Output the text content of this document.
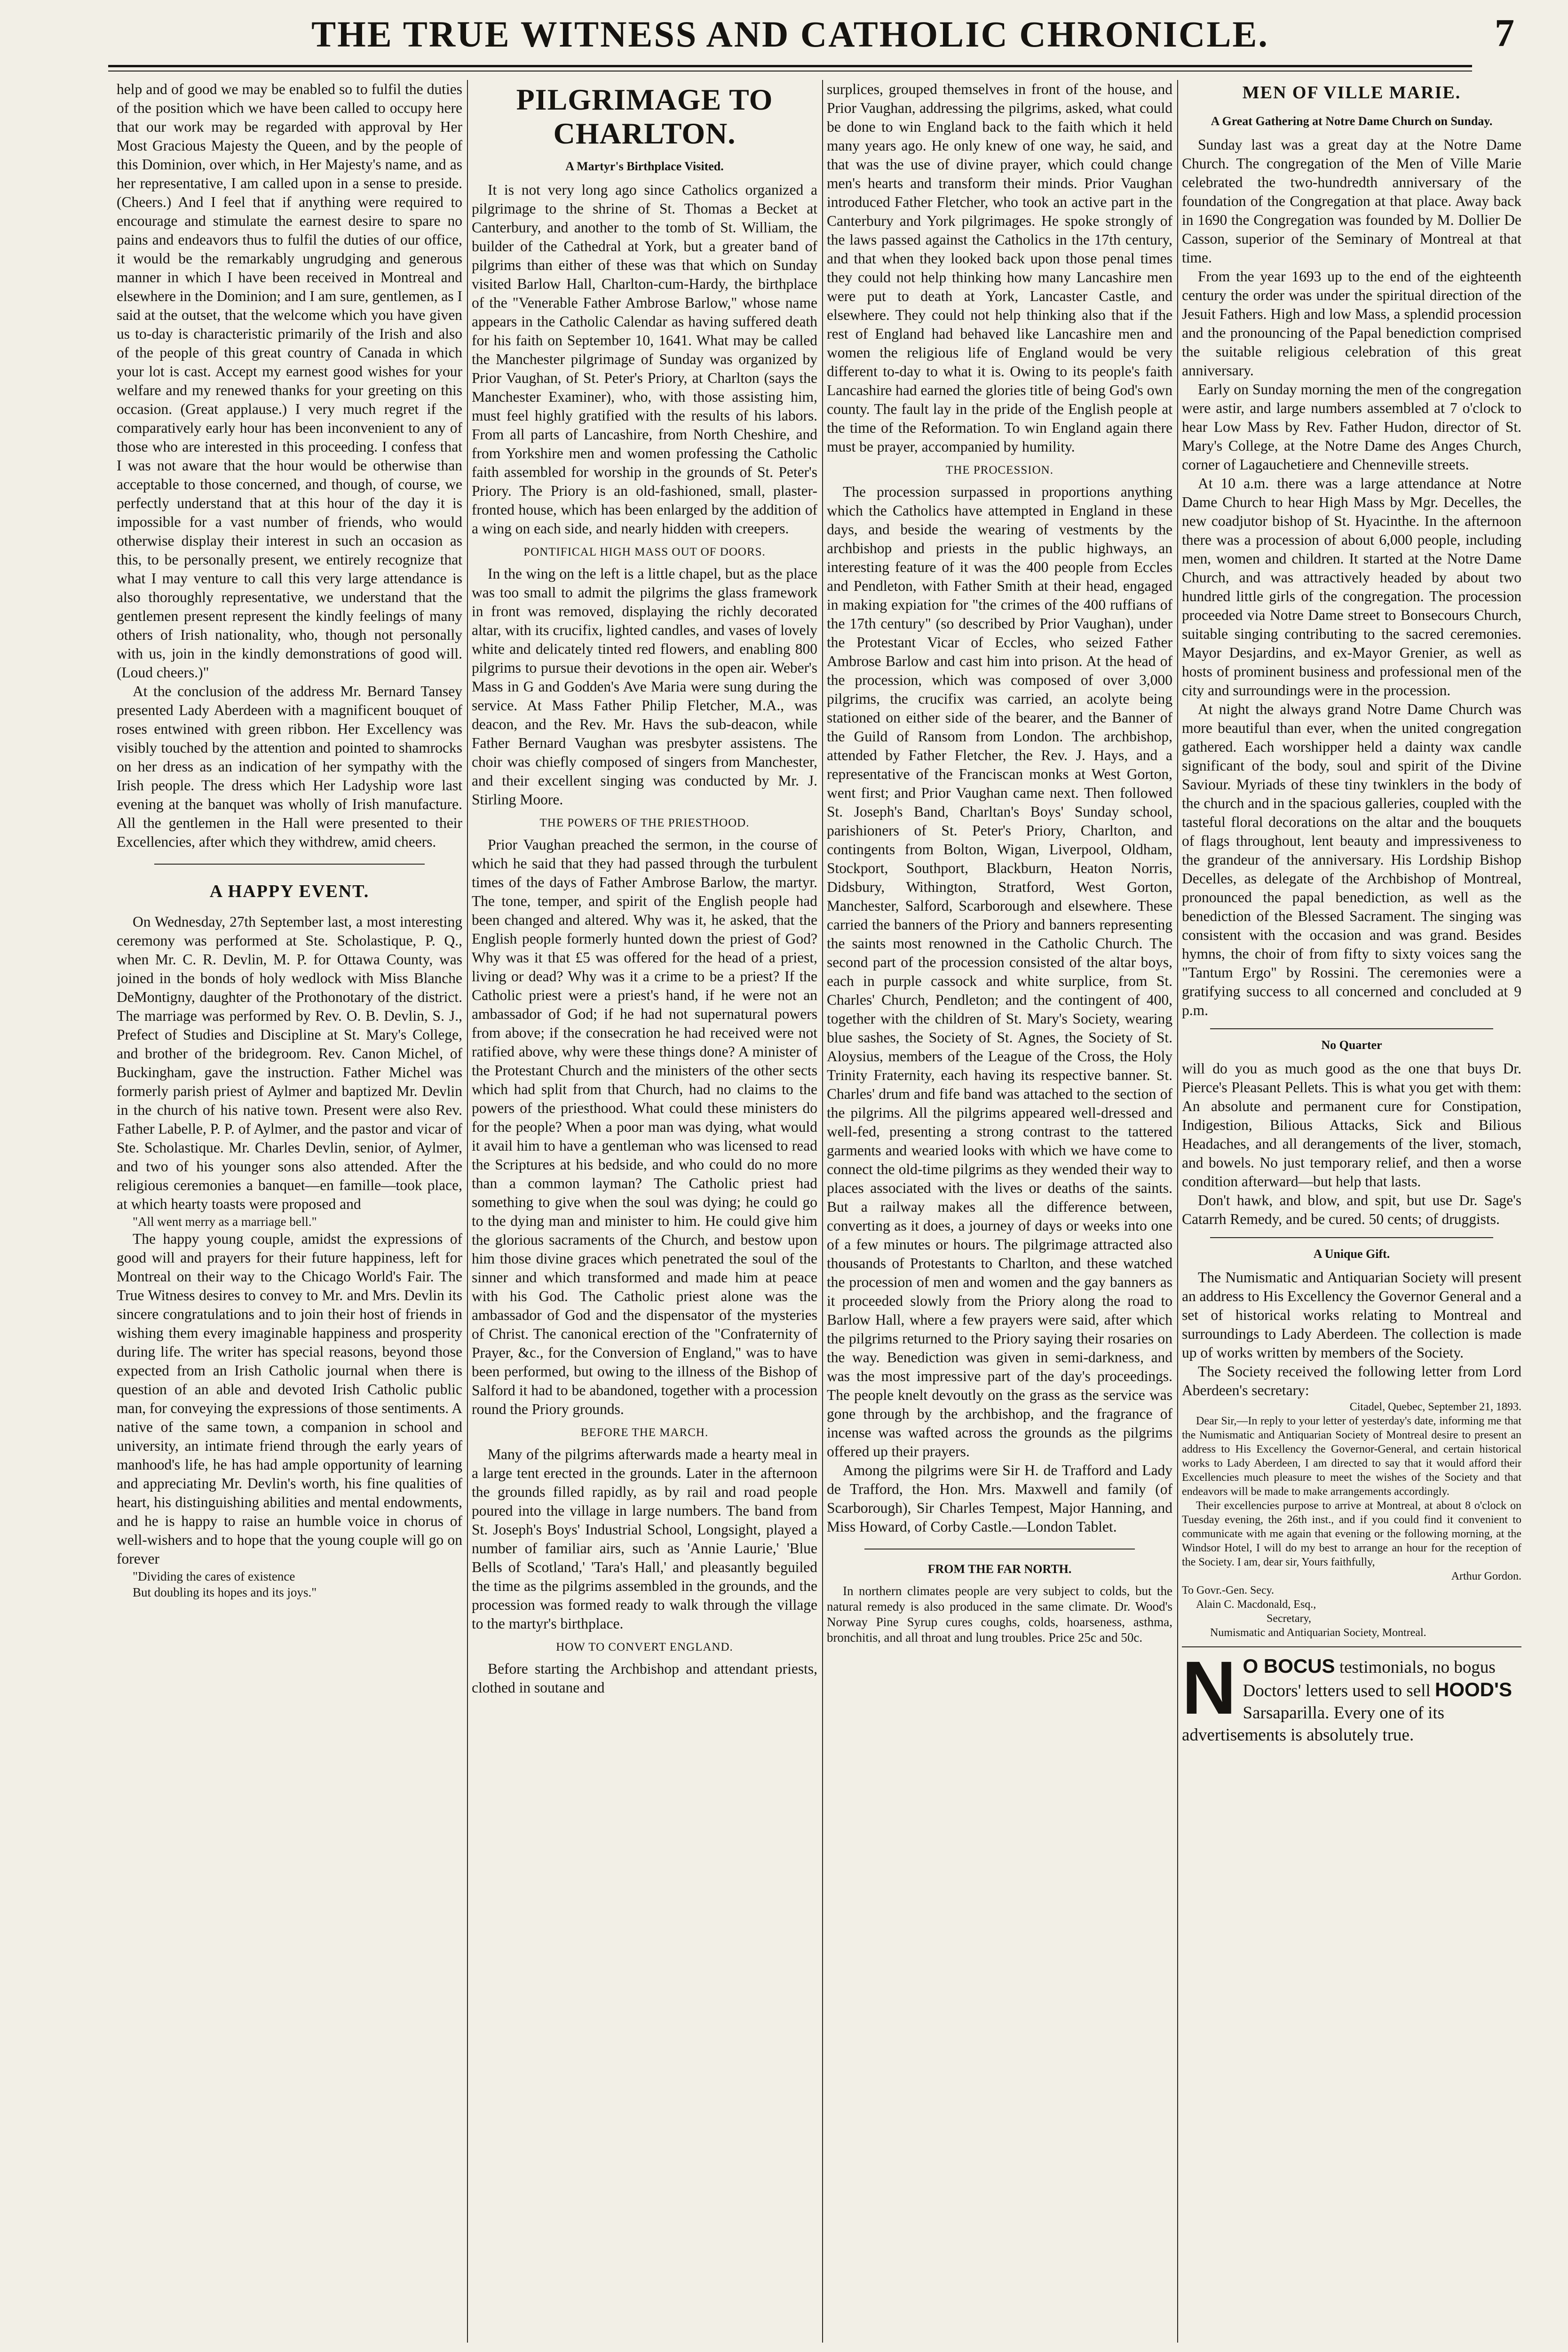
THE TRUE WITNESS AND CATHOLIC CHRONICLE.	7

help and of good we may be enabled so to fulfil the duties of the position which we have been called to occupy here that our work may be regarded with approval by Her Most Gracious Majesty the Queen, and by the people of this Dominion, over which, in Her Majesty's name, and as her representative, I am called upon in a sense to preside. (Cheers.) And I feel that if anything were required to encourage and stimulate the earnest desire to spare no pains and endeavors thus to fulfil the duties of our office, it would be the remarkably ungrudging and generous manner in which I have been received in Montreal and elsewhere in the Dominion; and I am sure, gentlemen, as I said at the outset, that the welcome which you have given us to-day is characteristic primarily of the Irish and also of the people of this great country of Canada in which your lot is cast. Accept my earnest good wishes for your welfare and my renewed thanks for your greeting on this occasion. (Great applause.) I very much regret if the comparatively early hour has been inconvenient to any of those who are interested in this proceeding. I confess that I was not aware that the hour would be otherwise than acceptable to those concerned, and though, of course, we perfectly understand that at this hour of the day it is impossible for a vast number of friends, who would otherwise display their interest in such an occasion as this, to be personally present, we entirely recognize that what I may venture to call this very large attendance is also thoroughly representative, we understand that the gentlemen present represent the kindly feelings of many others of Irish nationality, who, though not personally with us, join in the kindly demonstrations of good will. (Loud cheers.)"

At the conclusion of the address Mr. Bernard Tansey presented Lady Aberdeen with a magnificent bouquet of roses entwined with green ribbon. Her Excellency was visibly touched by the attention and pointed to shamrocks on her dress as an indication of her sympathy with the Irish people. The dress which Her Ladyship wore last evening at the banquet was wholly of Irish manufacture. All the gentlemen in the Hall were presented to their Excellencies, after which they withdrew, amid cheers.

A HAPPY EVENT.

On Wednesday, 27th September last, a most interesting ceremony was performed at Ste. Scholastique, P. Q., when Mr. C. R. Devlin, M. P. for Ottawa County, was joined in the bonds of holy wedlock with Miss Blanche DeMontigny, daughter of the Prothonotary of the district. The marriage was performed by Rev. O. B. Devlin, S. J., Prefect of Studies and Discipline at St. Mary's College, and brother of the bridegroom. Rev. Canon Michel, of Buckingham, gave the instruction. Father Michel was formerly parish priest of Aylmer and baptized Mr. Devlin in the church of his native town. Present were also Rev. Father Labelle, P. P. of Aylmer, and the pastor and vicar of Ste. Scholastique. Mr. Charles Devlin, senior, of Aylmer, and two of his younger sons also attended. After the religious ceremonies a banquet—en famille—took place, at which hearty toasts were proposed and

"All went merry as a marriage bell."

The happy young couple, amidst the expressions of good will and prayers for their future happiness, left for Montreal on their way to the Chicago World's Fair. The True Witness desires to convey to Mr. and Mrs. Devlin its sincere congratulations and to join their host of friends in wishing them every imaginable happiness and prosperity during life. The writer has special reasons, beyond those expected from an Irish Catholic journal when there is question of an able and devoted Irish Catholic public man, for conveying the expressions of those sentiments. A native of the same town, a companion in school and university, an intimate friend through the early years of manhood's life, he has had ample opportunity of learning and appreciating Mr. Devlin's worth, his fine qualities of heart, his distinguishing abilities and mental endowments, and he is happy to raise an humble voice in chorus of well-wishers and to hope that the young couple will go on forever

"Dividing the cares of existence

But doubling its hopes and its joys."

PILGRIMAGE TO CHARLTON.
A Martyr's Birthplace Visited.

It is not very long ago since Catholics organized a pilgrimage to the shrine of St. Thomas a Becket at Canterbury, and another to the tomb of St. William, the builder of the Cathedral at York, but a greater band of pilgrims than either of these was that which on Sunday visited Barlow Hall, Charlton-cum-Hardy, the birthplace of the "Venerable Father Ambrose Barlow," whose name appears in the Catholic Calendar as having suffered death for his faith on September 10, 1641. What may be called the Manchester pilgrimage of Sunday was organized by Prior Vaughan, of St. Peter's Priory, at Charlton (says the Manchester Examiner), who, with those assisting him, must feel highly gratified with the results of his labors. From all parts of Lancashire, from North Cheshire, and from Yorkshire men and women professing the Catholic faith assembled for worship in the grounds of St. Peter's Priory. The Priory is an old-fashioned, small, plaster-fronted house, which has been enlarged by the addition of a wing on each side, and nearly hidden with creepers.

PONTIFICAL HIGH MASS OUT OF DOORS.

In the wing on the left is a little chapel, but as the place was too small to admit the pilgrims the glass framework in front was removed, displaying the richly decorated altar, with its crucifix, lighted candles, and vases of lovely white and delicately tinted red flowers, and enabling 800 pilgrims to pursue their devotions in the open air. Weber's Mass in G and Godden's Ave Maria were sung during the service. At Mass Father Philip Fletcher, M.A., was deacon, and the Rev. Mr. Havs the sub-deacon, while Father Bernard Vaughan was presbyter assistens. The choir was chiefly composed of singers from Manchester, and their excellent singing was conducted by Mr. J. Stirling Moore.

THE POWERS OF THE PRIESTHOOD.

Prior Vaughan preached the sermon, in the course of which he said that they had passed through the turbulent times of the days of Father Ambrose Barlow, the martyr. The tone, temper, and spirit of the English people had been changed and altered. Why was it, he asked, that the English people formerly hunted down the priest of God? Why was it that £5 was offered for the head of a priest, living or dead? Why was it a crime to be a priest? If the Catholic priest were a priest's hand, if he were not an ambassador of God; if he had not supernatural powers from above; if the consecration he had received were not ratified above, why were these things done? A minister of the Protestant Church and the ministers of the other sects which had split from that Church, had no claims to the powers of the priesthood. What could these ministers do for the people? When a poor man was dying, what would it avail him to have a gentleman who was licensed to read the Scriptures at his bedside, and who could do no more than a common layman? The Catholic priest had something to give when the soul was dying; he could go to the dying man and minister to him. He could give him the glorious sacraments of the Church, and bestow upon him those divine graces which penetrated the soul of the sinner and which transformed and made him at peace with his God. The Catholic priest alone was the ambassador of God and the dispensator of the mysteries of Christ. The canonical erection of the "Confraternity of Prayer, &c., for the Conversion of England," was to have been performed, but owing to the illness of the Bishop of Salford it had to be abandoned, together with a procession round the Priory grounds.

BEFORE THE MARCH.

Many of the pilgrims afterwards made a hearty meal in a large tent erected in the grounds. Later in the afternoon the grounds filled rapidly, as by rail and road people poured into the village in large numbers. The band from St. Joseph's Boys' Industrial School, Longsight, played a number of familiar airs, such as 'Annie Laurie,' 'Blue Bells of Scotland,' 'Tara's Hall,' and pleasantly beguiled the time as the pilgrims assembled in the grounds, and the procession was formed ready to walk through the village to the martyr's birthplace.

HOW TO CONVERT ENGLAND.

Before starting the Archbishop and attendant priests, clothed in soutane and

surplices, grouped themselves in front of the house, and Prior Vaughan, addressing the pilgrims, asked, what could be done to win England back to the faith which it held many years ago. He only knew of one way, he said, and that was the use of divine prayer, which could change men's hearts and transform their minds. Prior Vaughan introduced Father Fletcher, who took an active part in the Canterbury and York pilgrimages. He spoke strongly of the laws passed against the Catholics in the 17th century, and that when they looked back upon those penal times they could not help thinking how many Lancashire men were put to death at York, Lancaster Castle, and elsewhere. They could not help thinking also that if the rest of England had behaved like Lancashire men and women the religious life of England would be very different to-day to what it is. Owing to its people's faith Lancashire had earned the glories title of being God's own county. The fault lay in the pride of the English people at the time of the Reformation. To win England again there must be prayer, accompanied by humility.

THE PROCESSION.

The procession surpassed in proportions anything which the Catholics have attempted in England in these days, and beside the wearing of vestments by the archbishop and priests in the public highways, an interesting feature of it was the 400 people from Eccles and Pendleton, with Father Smith at their head, engaged in making expiation for "the crimes of the 400 ruffians of the 17th century" (so described by Prior Vaughan), under the Protestant Vicar of Eccles, who seized Father Ambrose Barlow and cast him into prison. At the head of the procession, which was composed of over 3,000 pilgrims, the crucifix was carried, an acolyte being stationed on either side of the bearer, and the Banner of the Guild of Ransom from London. The archbishop, attended by Father Fletcher, the Rev. J. Hays, and a representative of the Franciscan monks at West Gorton, went first; and Prior Vaughan came next. Then followed St. Joseph's Band, Charltan's Boys' Sunday school, parishioners of St. Peter's Priory, Charlton, and contingents from Bolton, Wigan, Liverpool, Oldham, Stockport, Southport, Blackburn, Heaton Norris, Didsbury, Withington, Stratford, West Gorton, Manchester, Salford, Scarborough and elsewhere. These carried the banners of the Priory and banners representing the saints most renowned in the Catholic Church. The second part of the procession consisted of the altar boys, each in purple cassock and white surplice, from St. Charles' Church, Pendleton; and the contingent of 400, together with the children of St. Mary's Society, wearing blue sashes, the Society of St. Agnes, the Society of St. Aloysius, members of the League of the Cross, the Holy Trinity Fraternity, each having its respective banner. St. Charles' drum and fife band was attached to the section of the pilgrims. All the pilgrims appeared well-dressed and well-fed, presenting a strong contrast to the tattered garments and wearied looks with which we have come to connect the old-time pilgrims as they wended their way to places associated with the lives or deaths of the saints. But a railway makes all the difference between, converting as it does, a journey of days or weeks into one of a few minutes or hours. The pilgrimage attracted also thousands of Protestants to Charlton, and these watched the procession of men and women and the gay banners as it proceeded slowly from the Priory along the road to Barlow Hall, where a few prayers were said, after which the pilgrims returned to the Priory saying their rosaries on the way. Benediction was given in semi-darkness, and was the most impressive part of the day's proceedings. The people knelt devoutly on the grass as the service was gone through by the archbishop, and the fragrance of incense was wafted across the grounds as the pilgrims offered up their prayers.

Among the pilgrims were Sir H. de Trafford and Lady de Trafford, the Hon. Mrs. Maxwell and family (of Scarborough), Sir Charles Tempest, Major Hanning, and Miss Howard, of Corby Castle.—London Tablet.

FROM THE FAR NORTH.

In northern climates people are very subject to colds, but the natural remedy is also produced in the same climate. Dr. Wood's Norway Pine Syrup cures coughs, colds, hoarseness, asthma, bronchitis, and all throat and lung troubles. Price 25c and 50c.

MEN OF VILLE MARIE.
A Great Gathering at Notre Dame Church on Sunday.

Sunday last was a great day at the Notre Dame Church. The congregation of the Men of Ville Marie celebrated the two-hundredth anniversary of the foundation of the Congregation at that place. Away back in 1690 the Congregation was founded by M. Dollier De Casson, superior of the Seminary of Montreal at that time.

From the year 1693 up to the end of the eighteenth century the order was under the spiritual direction of the Jesuit Fathers. High and low Mass, a splendid procession and the pronouncing of the Papal benediction comprised the suitable religious celebration of this great anniversary.

Early on Sunday morning the men of the congregation were astir, and large numbers assembled at 7 o'clock to hear Low Mass by Rev. Father Hudon, director of St. Mary's College, at the Notre Dame des Anges Church, corner of Lagauchetiere and Chenneville streets.

At 10 a.m. there was a large attendance at Notre Dame Church to hear High Mass by Mgr. Decelles, the new coadjutor bishop of St. Hyacinthe. In the afternoon there was a procession of about 6,000 people, including men, women and children. It started at the Notre Dame Church, and was attractively headed by about two hundred little girls of the congregation. The procession proceeded via Notre Dame street to Bonsecours Church, suitable singing contributing to the sacred ceremonies. Mayor Desjardins, and ex-Mayor Grenier, as well as hosts of prominent business and professional men of the city and surroundings were in the procession.

At night the always grand Notre Dame Church was more beautiful than ever, when the united congregation gathered. Each worshipper held a dainty wax candle significant of the body, soul and spirit of the Divine Saviour. Myriads of these tiny twinklers in the body of the church and in the spacious galleries, coupled with the tasteful floral decorations on the altar and the bouquets of flags throughout, lent beauty and impressiveness to the grandeur of the anniversary. His Lordship Bishop Decelles, as delegate of the Archbishop of Montreal, pronounced the papal benediction, as well as the benediction of the Blessed Sacrament. The singing was consistent with the occasion and was grand. Besides hymns, the choir of from fifty to sixty voices sang the "Tantum Ergo" by Rossini. The ceremonies were a gratifying success to all concerned and concluded at 9 p.m.

No Quarter

will do you as much good as the one that buys Dr. Pierce's Pleasant Pellets. This is what you get with them: An absolute and permanent cure for Constipation, Indigestion, Bilious Attacks, Sick and Bilious Headaches, and all derangements of the liver, stomach, and bowels. No just temporary relief, and then a worse condition afterward—but help that lasts.

Don't hawk, and blow, and spit, but use Dr. Sage's Catarrh Remedy, and be cured. 50 cents; of druggists.

A Unique Gift.

The Numismatic and Antiquarian Society will present an address to His Excellency the Governor General and a set of historical works relating to Montreal and surroundings to Lady Aberdeen. The collection is made up of works written by members of the Society.

The Society received the following letter from Lord Aberdeen's secretary:

Citadel, Quebec, September 21, 1893.

Dear Sir,—In reply to your letter of yesterday's date, informing me that the Numismatic and Antiquarian Society of Montreal desire to present an address to His Excellency the Governor-General, and certain historical works to Lady Aberdeen, I am directed to say that it would afford their Excellencies much pleasure to meet the wishes of the Society and that endeavors will be made to make arrangements accordingly.

Their excellencies purpose to arrive at Montreal, at about 8 o'clock on Tuesday evening, the 26th inst., and if you could find it convenient to communicate with me again that evening or the following morning, at the Windsor Hotel, I will do my best to arrange an hour for the reception of the Society. I am, dear sir, Yours faithfully,

Arthur Gordon.
To Govr.-Gen. Secy.
Alain C. Macdonald, Esq.,
Secretary,
Numismatic and Antiquarian Society, Montreal.
N O BOCUS testimonials, no bogus Doctors' letters used to sell HOOD'S Sarsaparilla. Every one of its advertisements is absolutely true.
